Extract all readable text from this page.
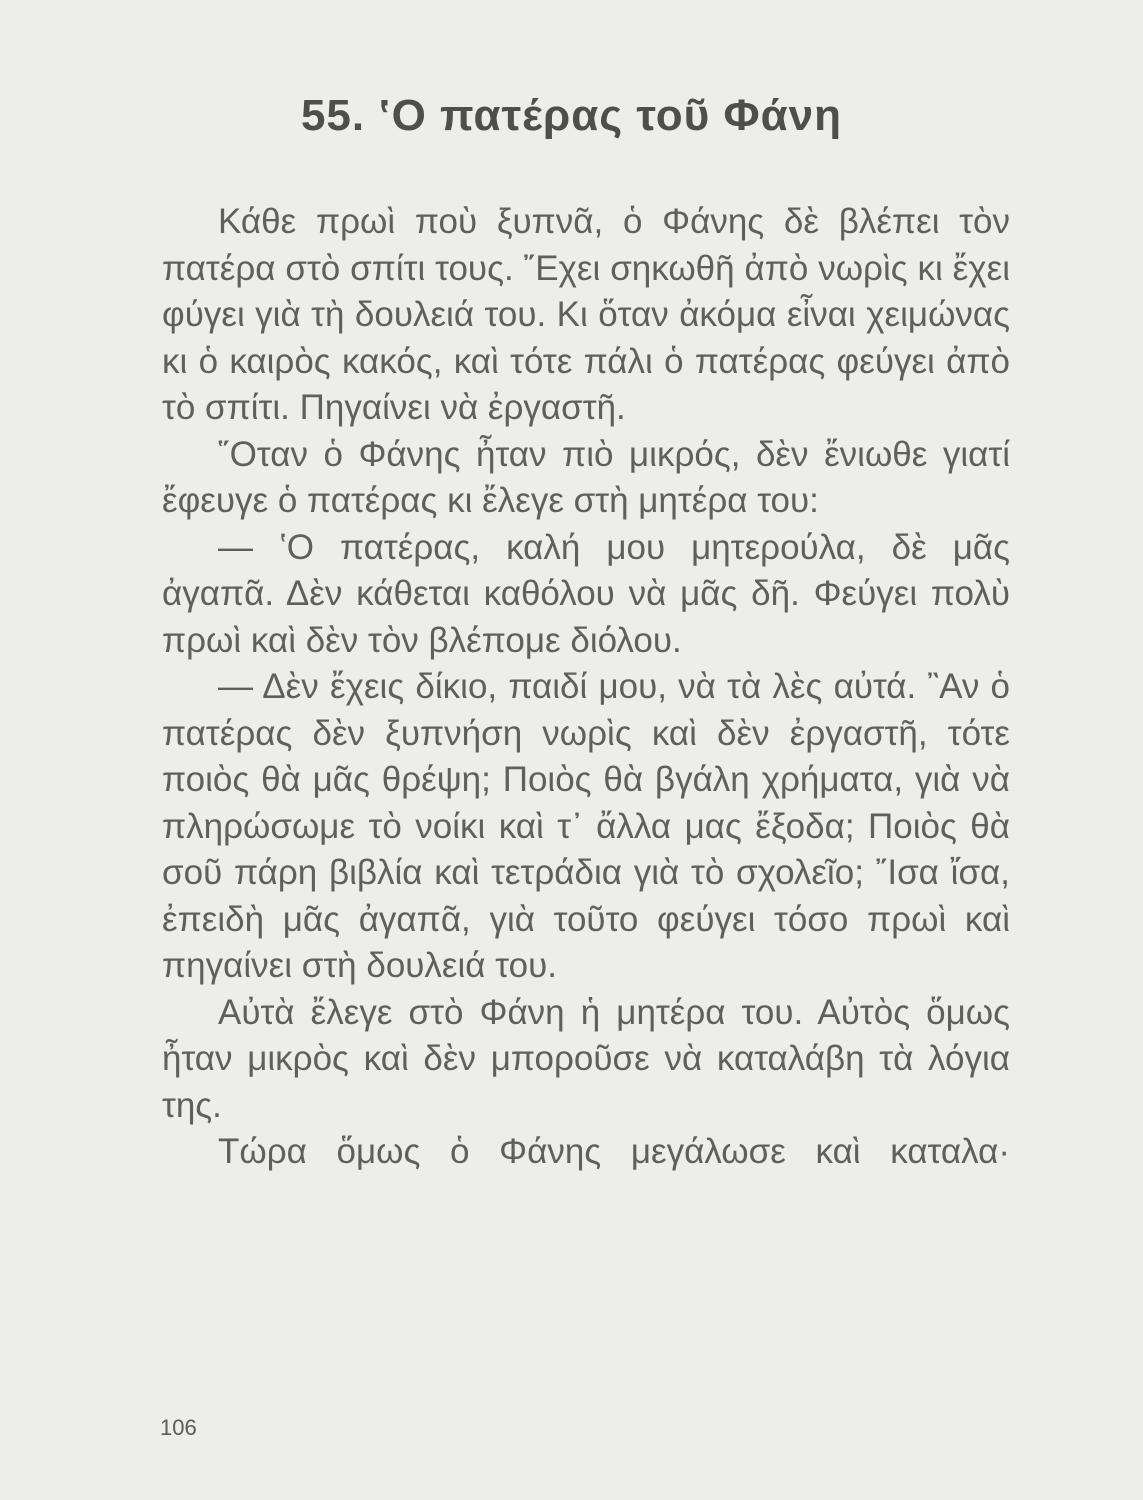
55. ʽΟ πατέρας τοῦ Φάνη

Κάθε πρωὶ ποὺ ξυπνᾶ, ὁ Φάνης δὲ βλέπει τὸν πατέρα στὸ σπίτι τους. ῎Εχει σηκωθῆ ἀπὸ νωρὶς κι ἔχει φύγει γιὰ τὴ δουλειά του. Κι ὅταν ἀκόμα εἶναι χειμώνας κι ὁ καιρὸς κακός, καὶ τότε πάλι ὁ πατέρας φεύγει ἀπὸ τὸ σπίτι. Πηγαίνει νὰ ἐργαστῆ.

῞Οταν ὁ Φάνης ἦταν πιὸ μικρός, δὲν ἔνιωθε γιατί ἔφευγε ὁ πατέρας κι ἔλεγε στὴ μητέρα του:

— ʽΟ πατέρας, καλή μου μητερούλα, δὲ μᾶς ἀγαπᾶ. Δὲν κάθεται καθόλου νὰ μᾶς δῆ. Φεύγει πολὺ πρωὶ καὶ δὲν τὸν βλέπομε διόλου.

— Δὲν ἔχεις δίκιο, παιδί μου, νὰ τὰ λὲς αὐτά. ῍Αν ὁ πατέρας δὲν ξυπνήση νωρὶς καὶ δὲν ἐργαστῆ, τότε ποιὸς θὰ μᾶς θρέψη; Ποιὸς θὰ βγάλη χρήματα, γιὰ νὰ πληρώσωμε τὸ νοίκι καὶ τ᾽ ἄλλα μας ἔξοδα; Ποιὸς θὰ σοῦ πάρη βιβλία καὶ τετράδια γιὰ τὸ σχολεῖο; ῎Ισα ἴσα, ἐπειδὴ μᾶς ἀγαπᾶ, γιὰ τοῦτο φεύγει τόσο πρωὶ καὶ πηγαίνει στὴ δουλειά του.

Αὐτὰ ἔλεγε στὸ Φάνη ἡ μητέρα του. Αὐτὸς ὅμως ἦταν μικρὸς καὶ δὲν μποροῦσε νὰ καταλάβη τὰ λόγια της.

Τώρα ὅμως ὁ Φάνης μεγάλωσε καὶ καταλα·

106
